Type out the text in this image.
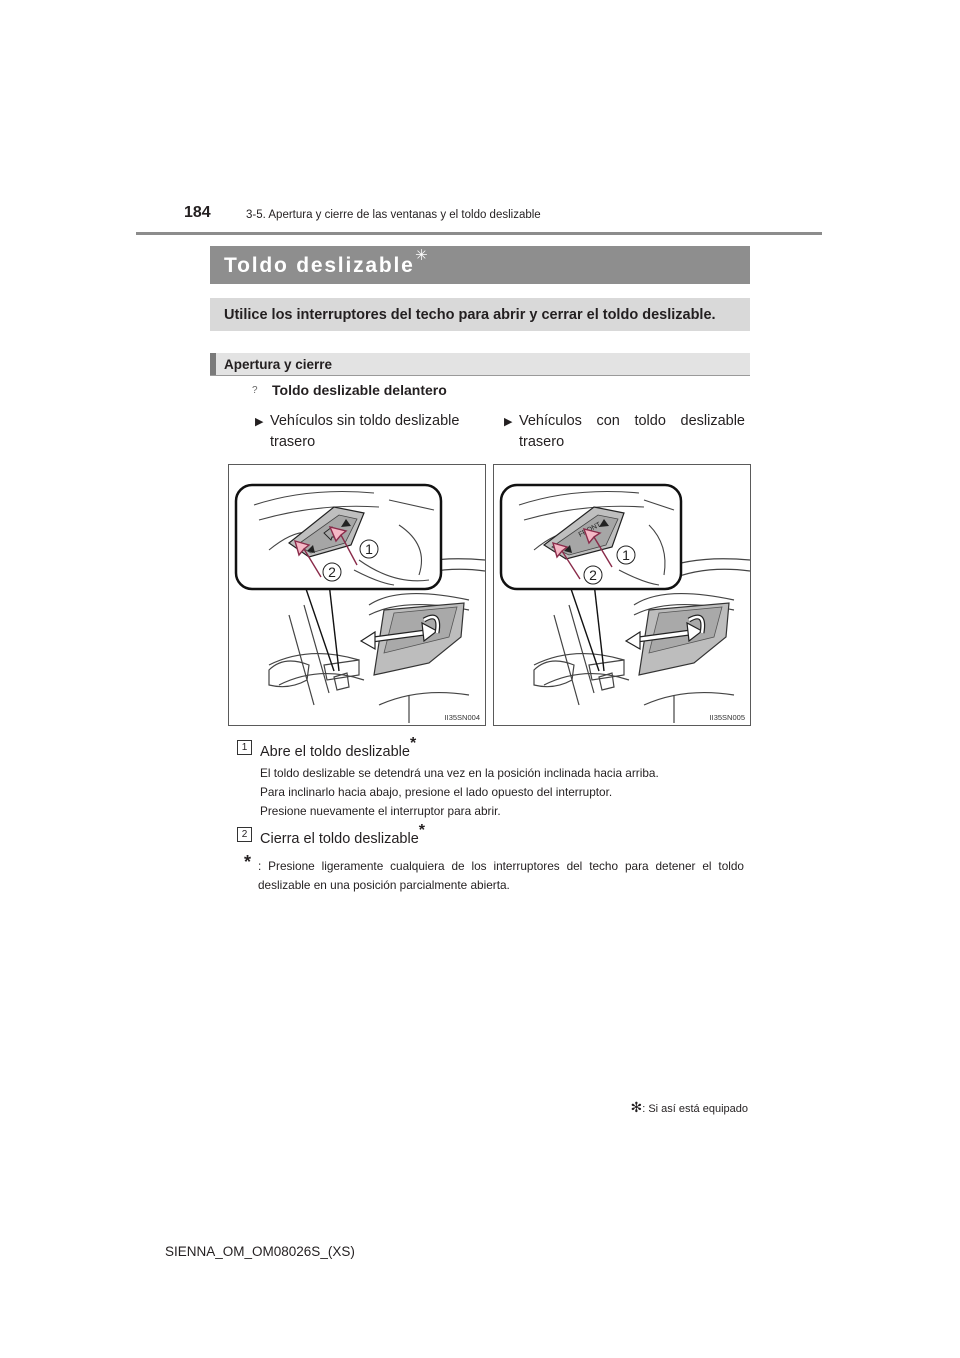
184	3-5. Apertura y cierre de las ventanas y el toldo deslizable
Toldo deslizable ✳
Utilice los interruptores del techo para abrir y cerrar el toldo deslizable.
Apertura y cierre
? Toldo deslizable delantero
▶ Vehículos sin toldo deslizable
trasero
▶ Vehículos con toldo deslizable
trasero
1
2
II35SN004
1
2
II35SN005
1 Abre el toldo deslizable*
El toldo deslizable se detendrá una vez en la posición inclinada hacia arriba.
Para inclinarlo hacia abajo, presione el lado opuesto del interruptor.
Presione nuevamente el interruptor para abrir.
2 Cierra el toldo deslizable*
* : Presione ligeramente cualquiera de los interruptores del techo para detener el toldo deslizable en una posición parcialmente abierta.
✻: Si así está equipado
SIENNA_OM_OM08026S_(XS)
